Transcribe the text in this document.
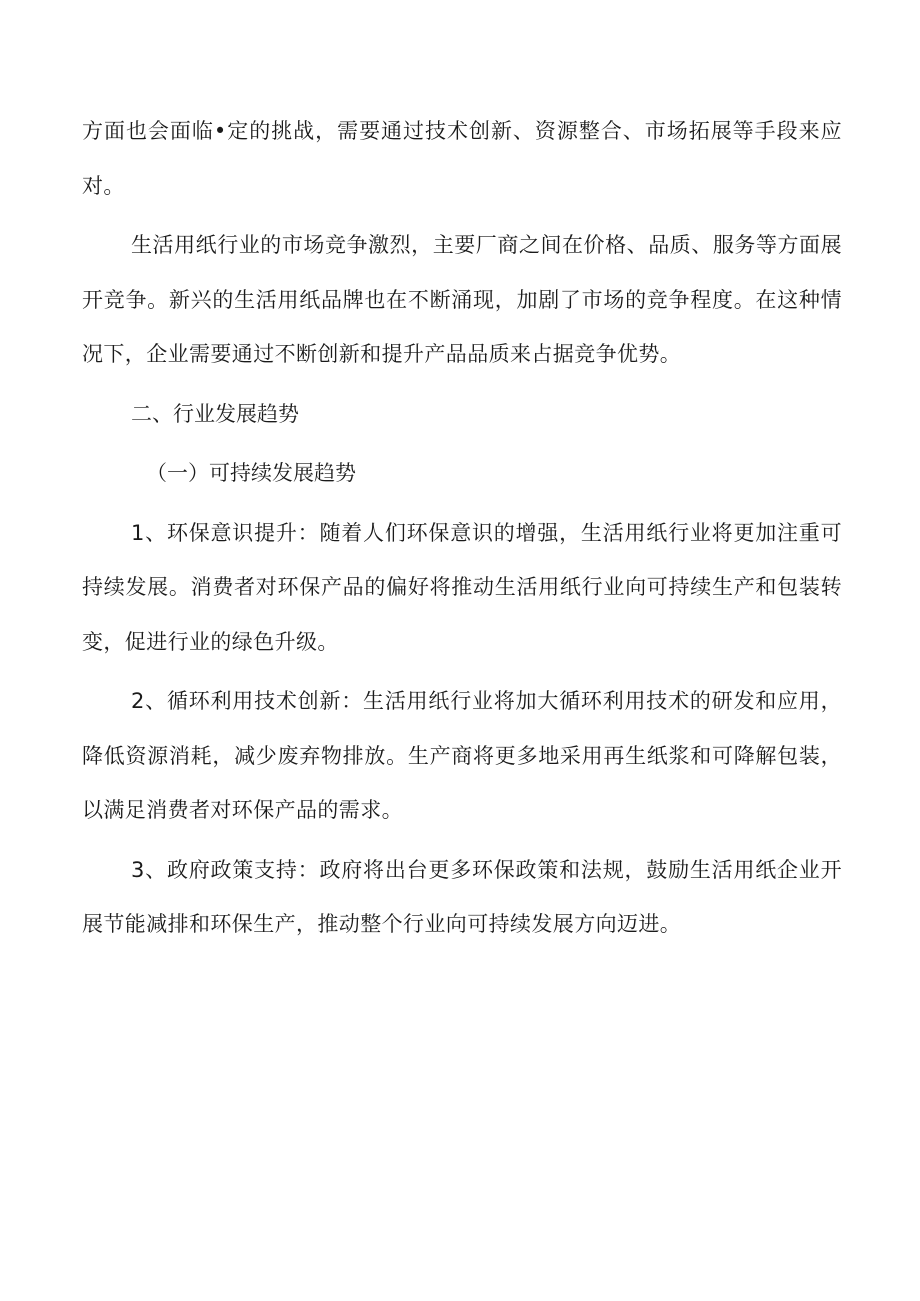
方面也会面临•定的挑战，需要通过技术创新、资源整合、市场拓展等手段来应对。

生活用纸行业的市场竞争激烈，主要厂商之间在价格、品质、服务等方面展开竞争。新兴的生活用纸品牌也在不断涌现，加剧了市场的竞争程度。在这种情况下，企业需要通过不断创新和提升产品品质来占据竞争优势。

二、行业发展趋势

（一）可持续发展趋势

1、环保意识提升：随着人们环保意识的增强，生活用纸行业将更加注重可持续发展。消费者对环保产品的偏好将推动生活用纸行业向可持续生产和包装转变，促进行业的绿色升级。

2、循环利用技术创新：生活用纸行业将加大循环利用技术的研发和应用，降低资源消耗，减少废弃物排放。生产商将更多地采用再生纸浆和可降解包装，以满足消费者对环保产品的需求。

3、政府政策支持：政府将出台更多环保政策和法规，鼓励生活用纸企业开展节能减排和环保生产，推动整个行业向可持续发展方向迈进。
